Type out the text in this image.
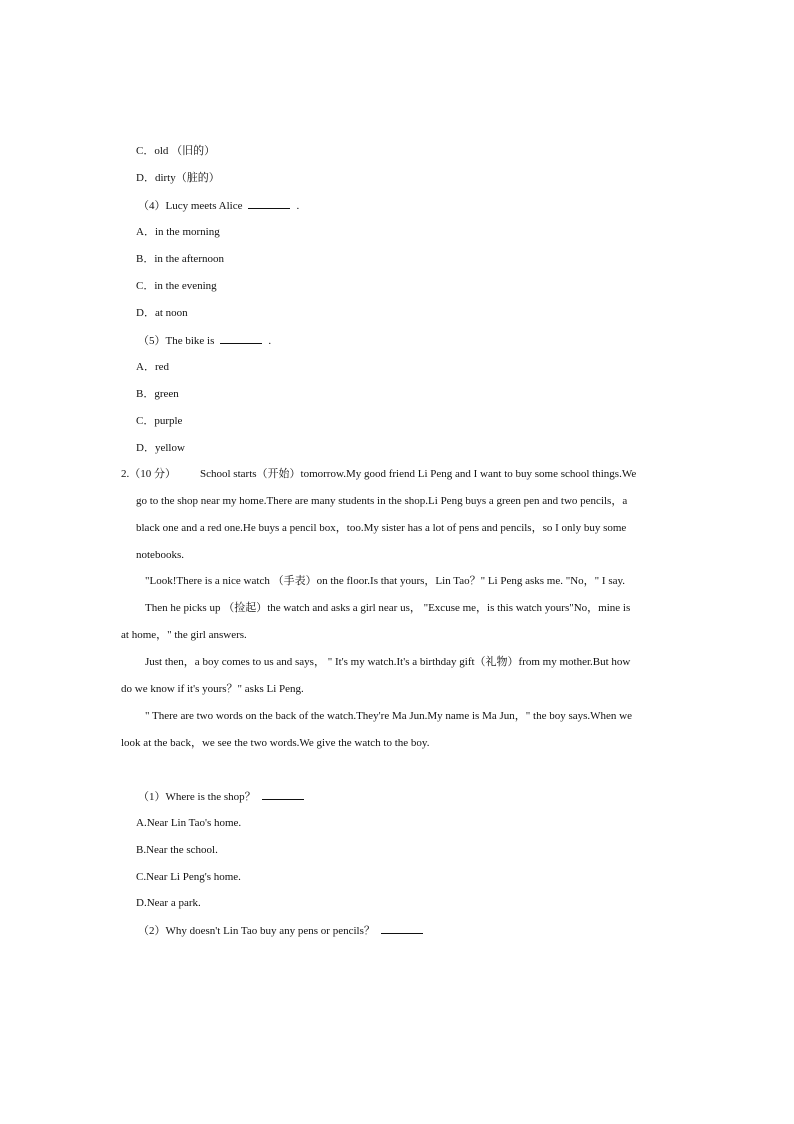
C．old （旧的）
D．dirty（脏的）
（4）Lucy meets Alice	.
A．in the morning
B．in the afternoon
C．in the evening
D．at noon
（5）The bike is	.
A．red
B．green
C．purple
D．yellow
2.（10 分） School starts（开始）tomorrow.My good friend Li Peng and I want to buy some school things.We
go to the shop near my home.There are many students in the shop.Li Peng buys a green pen and two pencils，a
black one and a red one.He buys a pencil box，too.My sister has a lot of pens and pencils，so I only buy some
notebooks.
"Look!There is a nice watch （手表）on the floor.Is that yours，Lin Tao？" Li Peng asks me. "No，" I say.
Then he picks up （捡起）the watch and asks a girl near us， "Excuse me，is this watch yours"No，mine is
at home，" the girl answers.
Just then，a boy comes to us and says， " It's my watch.It's a birthday gift（礼物）from my mother.But how
do we know if it's yours？" asks Li Peng.
" There are two words on the back of the watch.They're Ma Jun.My name is Ma Jun，" the boy says.When we
look at the back，we see the two words.We give the watch to the boy.
（1）Where is the shop？
A.Near Lin Tao's home.
B.Near the school.
C.Near Li Peng's home.
D.Near a park.
（2）Why doesn't Lin Tao buy any pens or pencils？
